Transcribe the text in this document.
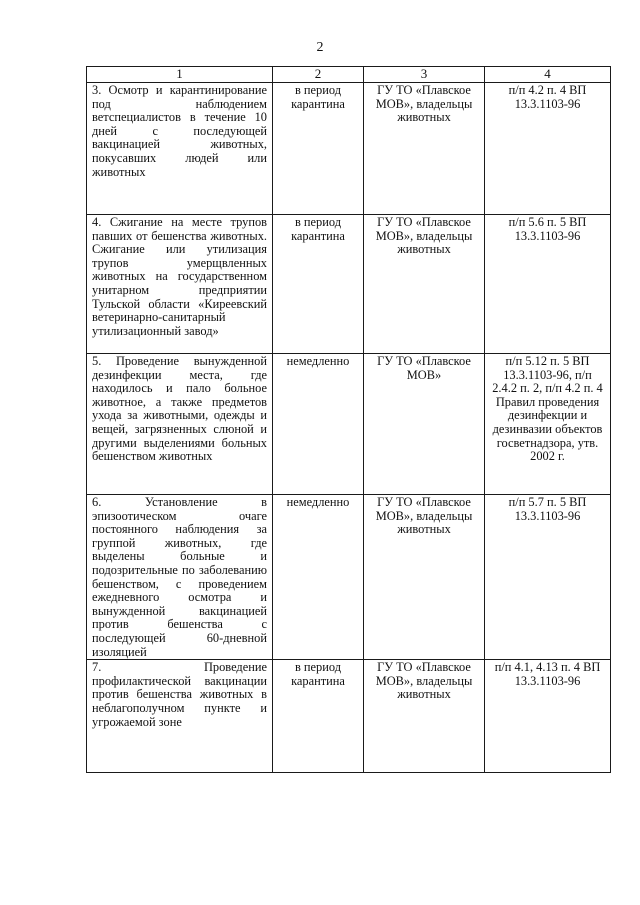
2
1	2	3	4
3. Осмотр и карантинирование под наблюдением ветспециалистов в течение 10 дней с последующей вакцинацией животных, покусавших людей или животных	в период карантина	ГУ ТО «Плавское МОВ», владельцы животных	п/п 4.2 п. 4 ВП 13.3.1103-96
4. Сжигание на месте трупов павших от бешенства животных. Сжигание или утилизация трупов умерщвленных животных на государственном унитарном предприятии Тульской области «Киреевский ветеринарно-санитарный утилизационный завод»	в период карантина	ГУ ТО «Плавское МОВ», владельцы животных	п/п 5.6 п. 5 ВП 13.3.1103-96
5. Проведение вынужденной дезинфекции места, где находилось и пало больное животное, а также предметов ухода за животными, одежды и вещей, загрязненных слюной и другими выделениями больных бешенством животных	немедленно	ГУ ТО «Плавское МОВ»	п/п 5.12 п. 5 ВП 13.3.1103-96, п/п 2.4.2 п. 2, п/п 4.2 п. 4 Правил проведения дезинфекции и дезинвазии объектов госветнадзора, утв. 2002 г.
6. Установление в эпизоотическом очаге постоянного наблюдения за группой животных, где выделены больные и подозрительные по заболеванию бешенством, с проведением ежедневного осмотра и вынужденной вакцинацией против бешенства с последующей 60-дневной изоляцией	немедленно	ГУ ТО «Плавское МОВ», владельцы животных	п/п 5.7 п. 5 ВП 13.3.1103-96
7. Проведение профилактической вакцинации против бешенства животных в неблагополучном пункте и угрожаемой зоне	в период карантина	ГУ ТО «Плавское МОВ», владельцы животных	п/п 4.1, 4.13 п. 4 ВП 13.3.1103-96
